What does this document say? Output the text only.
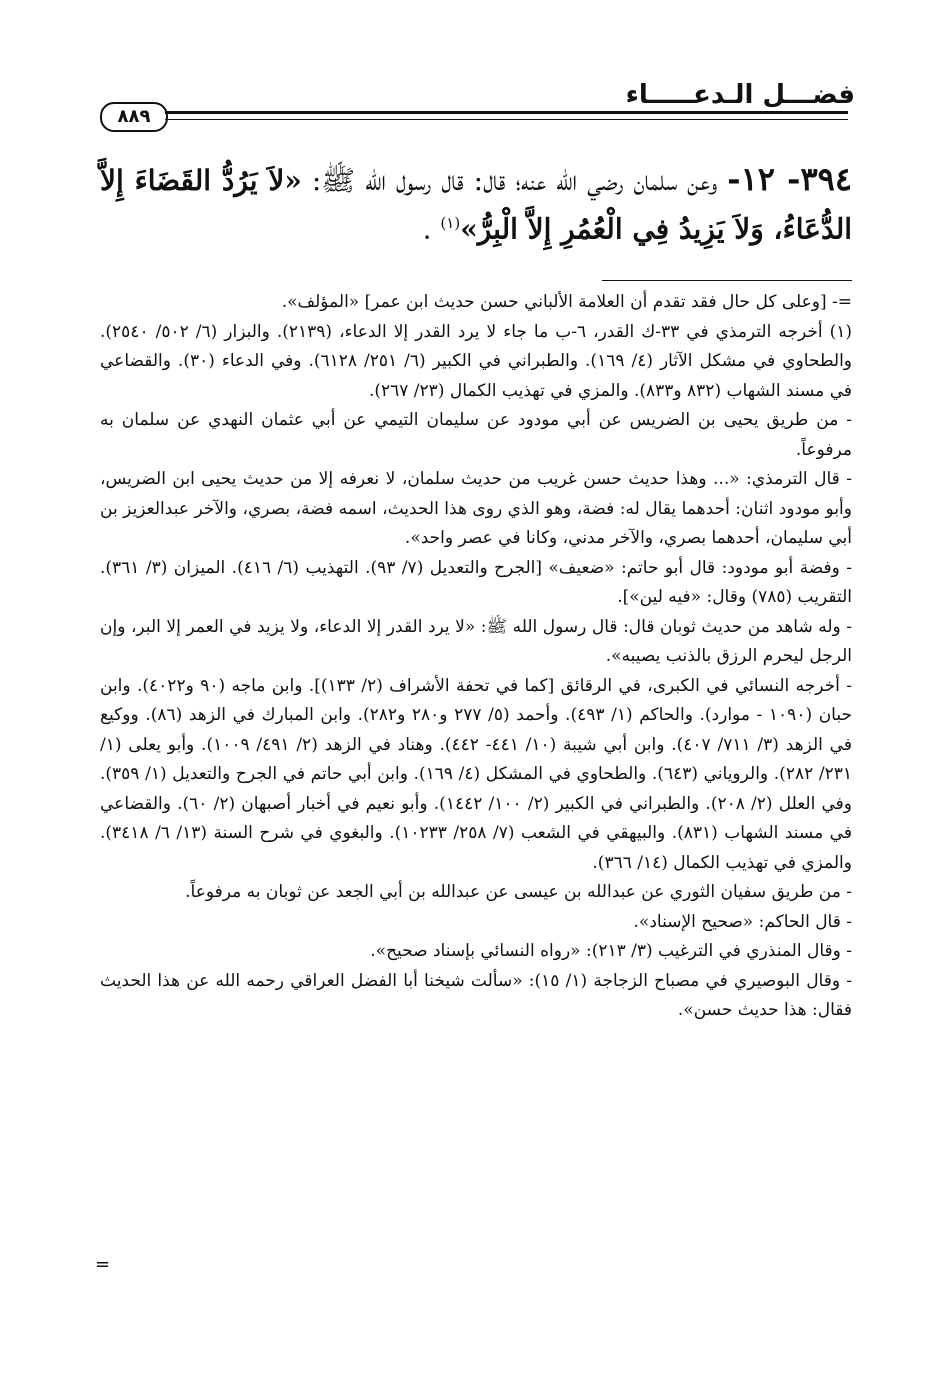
فضـــل الـدعـــــاء
٨٨٩
٣٩٤- ١٢- وعن سلمان رضي الله عنه؛ قال: قال رسول الله ﷺ: «لاَ يَرُدُّ القَضَاءَ إِلاَّ الدُّعَاءُ، وَلاَ يَزِيدُ فِي الْعُمُرِ إِلاَّ الْبِرُّ»$^{(١)}$ .

=- [وعلى كل حال فقد تقدم أن العلامة الألباني حسن حديث ابن عمر] «المؤلف».

(١) أخرجه الترمذي في ٣٣-ك القدر، ٦-ب ما جاء لا يرد القدر إلا الدعاء، (٢١٣٩). والبزار (٦/ ٥٠٢/ ٢٥٤٠). والطحاوي في مشكل الآثار (٤/ ١٦٩). والطبراني في الكبير (٦/ ٢٥١/ ٦١٢٨). وفي الدعاء (٣٠). والقضاعي في مسند الشهاب (٨٣٢ و٨٣٣). والمزي في تهذيب الكمال (٢٣/ ٢٦٧).

- من طريق يحيى بن الضريس عن أبي مودود عن سليمان التيمي عن أبي عثمان النهدي عن سلمان به مرفوعاً.

- قال الترمذي: «... وهذا حديث حسن غريب من حديث سلمان، لا نعرفه إلا من حديث يحيى ابن الضريس، وأبو مودود اثنان: أحدهما يقال له: فضة، وهو الذي روى هذا الحديث، اسمه فضة، بصري، والآخر عبدالعزيز بن أبي سليمان، أحدهما بصري، والآخر مدني، وكانا في عصر واحد».

- وفضة أبو مودود: قال أبو حاتم: «ضعيف» [الجرح والتعديل (٧/ ٩٣). التهذيب (٦/ ٤١٦). الميزان (٣/ ٣٦١). التقريب (٧٨٥) وقال: «فيه لين»].

- وله شاهد من حديث ثوبان قال: قال رسول الله ﷺ: «لا يرد القدر إلا الدعاء، ولا يزيد في العمر إلا البر، وإن الرجل ليحرم الرزق بالذنب يصيبه».

- أخرجه النسائي في الكبرى، في الرقائق [كما في تحفة الأشراف (٢/ ١٣٣)]. وابن ماجه (٩٠ و٤٠٢٢). وابن حبان (١٠٩٠ - موارد). والحاكم (١/ ٤٩٣). وأحمد (٥/ ٢٧٧ و٢٨٠ و٢٨٢). وابن المبارك في الزهد (٨٦). ووكيع في الزهد (٣/ ٧١١/ ٤٠٧). وابن أبي شيبة (١٠/ ٤٤١- ٤٤٢). وهناد في الزهد (٢/ ٤٩١/ ١٠٠٩). وأبو يعلى (١/ ٢٣١/ ٢٨٢). والروياني (٦٤٣). والطحاوي في المشكل (٤/ ١٦٩). وابن أبي حاتم في الجرح والتعديل (١/ ٣٥٩). وفي العلل (٢/ ٢٠٨). والطبراني في الكبير (٢/ ١٠٠/ ١٤٤٢). وأبو نعيم في أخبار أصبهان (٢/ ٦٠). والقضاعي في مسند الشهاب (٨٣١). والبيهقي في الشعب (٧/ ٢٥٨/ ١٠٢٣٣). والبغوي في شرح السنة (١٣/ ٦/ ٣٤١٨). والمزي في تهذيب الكمال (١٤/ ٣٦٦).

- من طريق سفيان الثوري عن عبدالله بن عيسى عن عبدالله بن أبي الجعد عن ثوبان به مرفوعاً.

- قال الحاكم: «صحيح الإسناد».

- وقال المنذري في الترغيب (٣/ ٢١٣): «رواه النسائي بإسناد صحيح».

- وقال البوصيري في مصباح الزجاجة (١/ ١٥): «سألت شيخنا أبا الفضل العراقي رحمه الله عن هذا الحديث فقال: هذا حديث حسن».

=
